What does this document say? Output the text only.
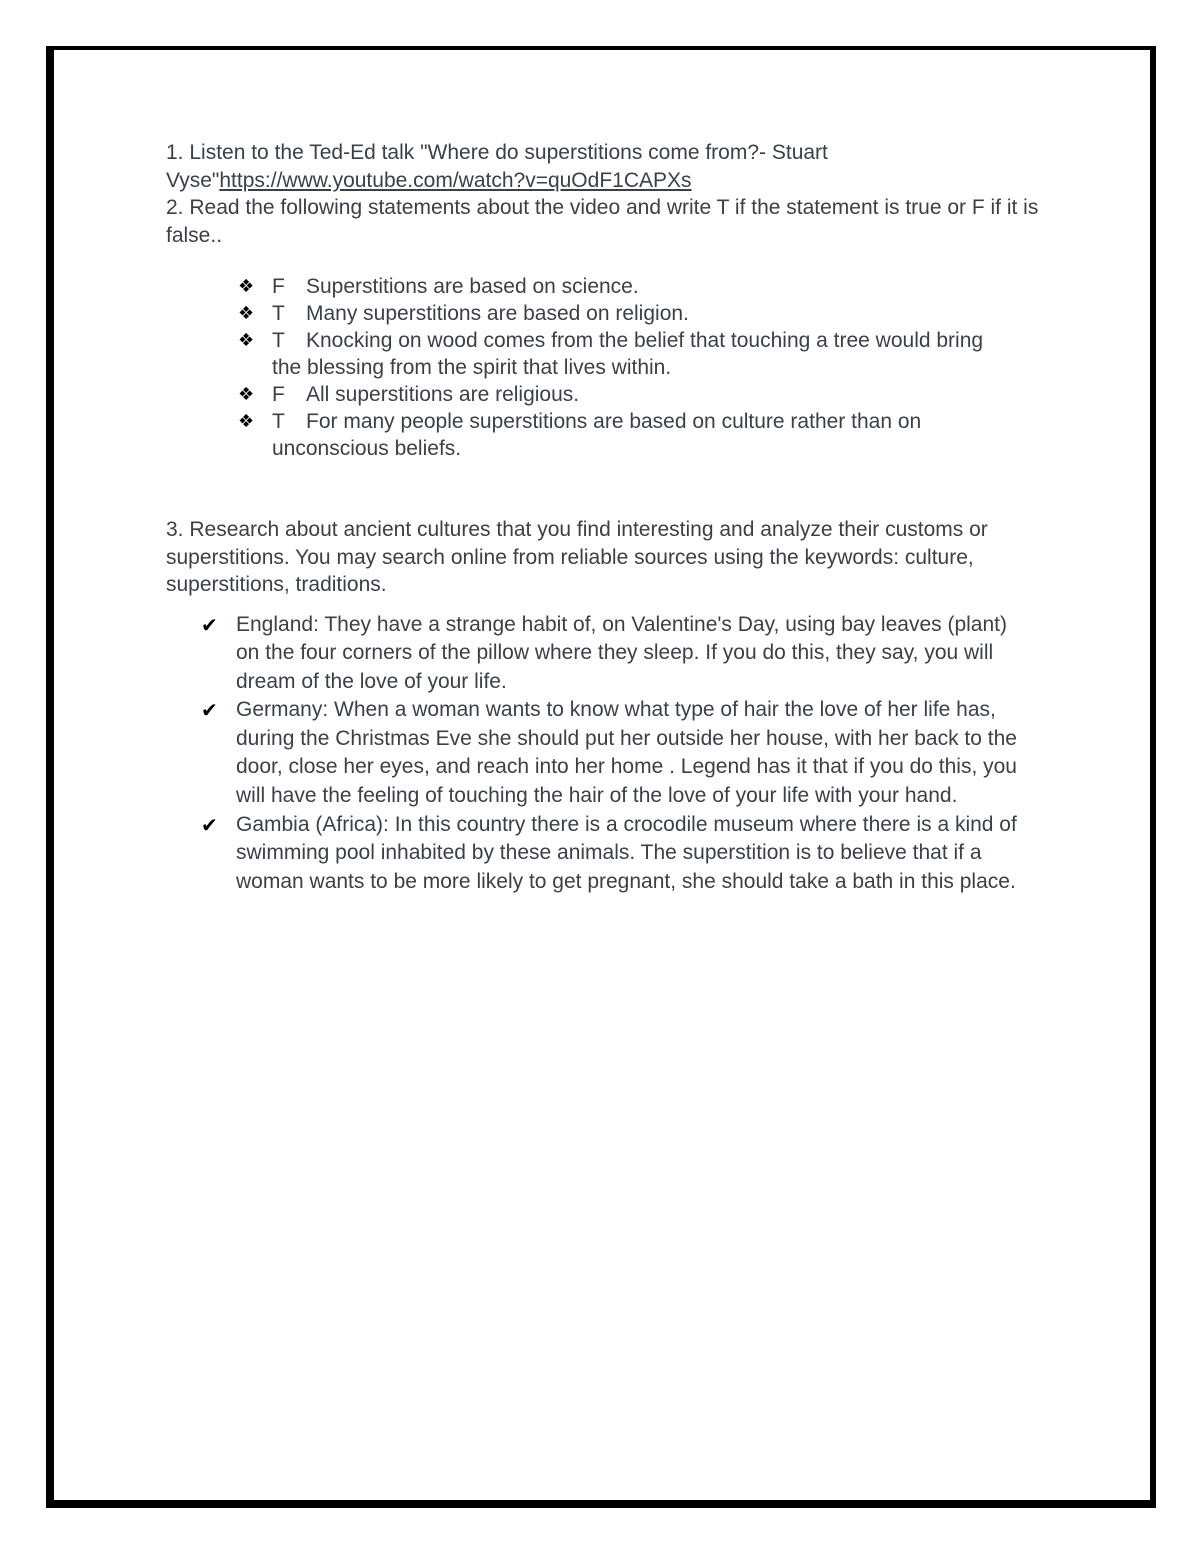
1. Listen to the Ted-Ed talk "Where do superstitions come from?- Stuart Vyse"https://www.youtube.com/watch?v=quOdF1CAPXs

2. Read the following statements about the video and write T if the statement is true or F if it is false..

❖ F Superstitions are based on science.
❖ T Many superstitions are based on religion.
❖ T Knocking on wood comes from the belief that touching a tree would bring the blessing from the spirit that lives within.
❖ F All superstitions are religious.
❖ T For many people superstitions are based on culture rather than on unconscious beliefs.

3. Research about ancient cultures that you find interesting and analyze their customs or superstitions. You may search online from reliable sources using the keywords: culture, superstitions, traditions.

✔ England: They have a strange habit of, on Valentine's Day, using bay leaves (plant) on the four corners of the pillow where they sleep. If you do this, they say, you will dream of the love of your life.
✔ Germany: When a woman wants to know what type of hair the love of her life has, during the Christmas Eve she should put her outside her house, with her back to the door, close her eyes, and reach into her home . Legend has it that if you do this, you will have the feeling of touching the hair of the love of your life with your hand.
✔ Gambia (Africa): In this country there is a crocodile museum where there is a kind of swimming pool inhabited by these animals. The superstition is to believe that if a woman wants to be more likely to get pregnant, she should take a bath in this place.
